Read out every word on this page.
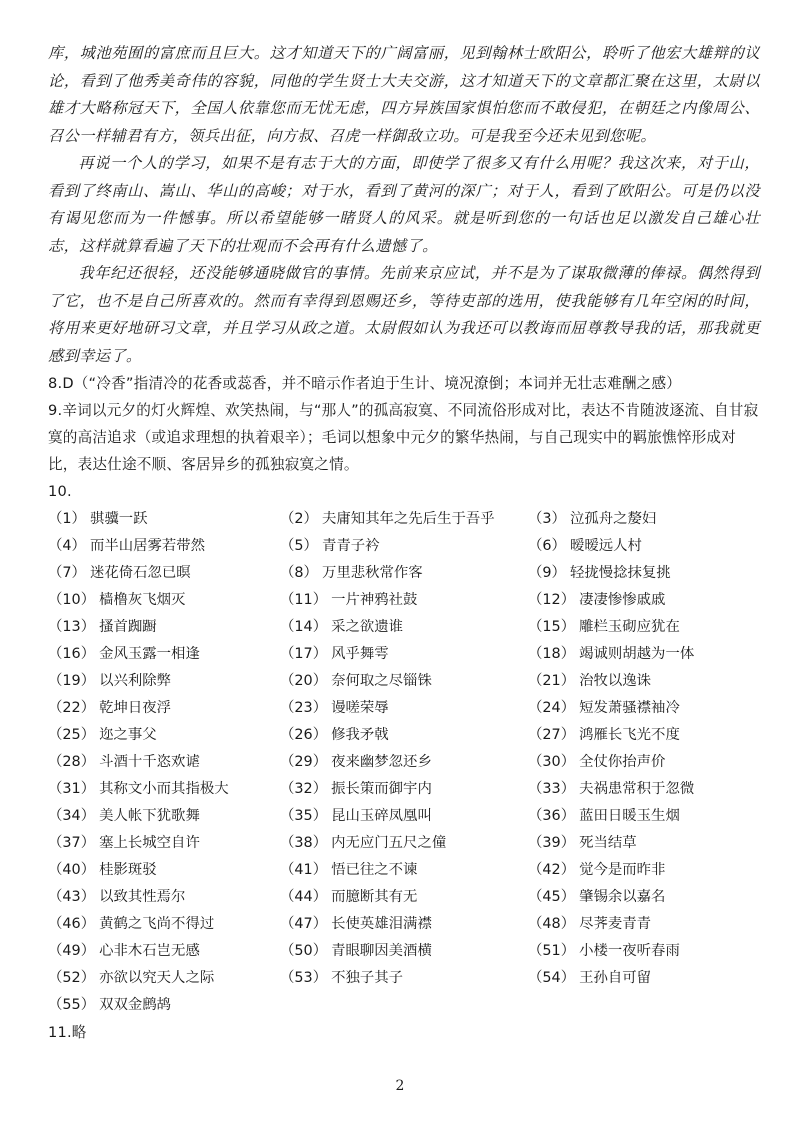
库，城池苑囿的富庶而且巨大。这才知道天下的广阔富丽，见到翰林士欧阳公，聆听了他宏大雄辩的议论，看到了他秀美奇伟的容貌，同他的学生贤士大夫交游，这才知道天下的文章都汇聚在这里，太尉以雄才大略称冠天下，全国人依靠您而无忧无虑，四方异族国家惧怕您而不敢侵犯，在朝廷之内像周公、召公一样辅君有方，领兵出征，向方叔、召虎一样御敌立功。可是我至今还未见到您呢。

再说一个人的学习，如果不是有志于大的方面，即使学了很多又有什么用呢？我这次来，对于山，看到了终南山、嵩山、华山的高峻；对于水，看到了黄河的深广；对于人，看到了欧阳公。可是仍以没有谒见您而为一件憾事。所以希望能够一睹贤人的风采。就是听到您的一句话也足以激发自己雄心壮志，这样就算看遍了天下的壮观而不会再有什么遗憾了。

我年纪还很轻，还没能够通晓做官的事情。先前来京应试，并不是为了谋取微薄的俸禄。偶然得到了它，也不是自己所喜欢的。然而有幸得到恩赐还乡，等待吏部的选用，使我能够有几年空闲的时间，将用来更好地研习文章，并且学习从政之道。太尉假如认为我还可以教诲而屈尊教导我的话，那我就更感到幸运了。

8.D（“冷香”指清冷的花香或蕊香，并不暗示作者迫于生计、境况潦倒；本词并无壮志难酬之感）

9.辛词以元夕的灯火辉煌、欢笑热闹，与“那人”的孤高寂寞、不同流俗形成对比，表达不肯随波逐流、自甘寂寞的高洁追求（或追求理想的执着艰辛）；毛词以想象中元夕的繁华热闹，与自己现实中的羁旅憔悴形成对比，表达仕途不顺、客居异乡的孤独寂寞之情。

10.

（1） 骐骥一跃	（2） 夫庸知其年之先后生于吾乎	（3） 泣孤舟之嫠妇
（4） 而半山居雾若带然	（5） 青青子衿	（6） 暧暧远人村
（7） 迷花倚石忽已暝	（8） 万里悲秋常作客	（9） 轻拢慢捻抹复挑
（10） 樯橹灰飞烟灭	（11） 一片神鸦社鼓	（12） 凄凄惨惨戚戚
（13） 搔首踟蹰	（14） 采之欲遗谁	（15） 雕栏玉砌应犹在
（16） 金风玉露一相逢	（17） 风乎舞雩	（18） 竭诚则胡越为一体
（19） 以兴利除弊	（20） 奈何取之尽锱铢	（21） 治牧以逸诛
（22） 乾坤日夜浮	（23） 谩嗟荣辱	（24） 短发萧骚襟袖冷
（25） 迩之事父	（26） 修我矛戟	（27） 鸿雁长飞光不度
（28） 斗酒十千恣欢谑	（29） 夜来幽梦忽还乡	（30） 全仗你抬声价
（31） 其称文小而其指极大	（32） 振长策而御宇内	（33） 夫祸患常积于忽微
（34） 美人帐下犹歌舞	（35） 昆山玉碎凤凰叫	（36） 蓝田日暖玉生烟
（37） 塞上长城空自许	（38） 内无应门五尺之僮	（39） 死当结草
（40） 桂影斑驳	（41） 悟已往之不谏	（42） 觉今是而昨非
（43） 以致其性焉尔	（44） 而臆断其有无	（45） 肇锡余以嘉名
（46） 黄鹤之飞尚不得过	（47） 长使英雄泪满襟	（48） 尽荠麦青青
（49） 心非木石岂无感	（50） 青眼聊因美酒横	（51） 小楼一夜听春雨
（52） 亦欲以究天人之际	（53） 不独子其子	（54） 王孙自可留
（55） 双双金鹧鸪

11.略

2
